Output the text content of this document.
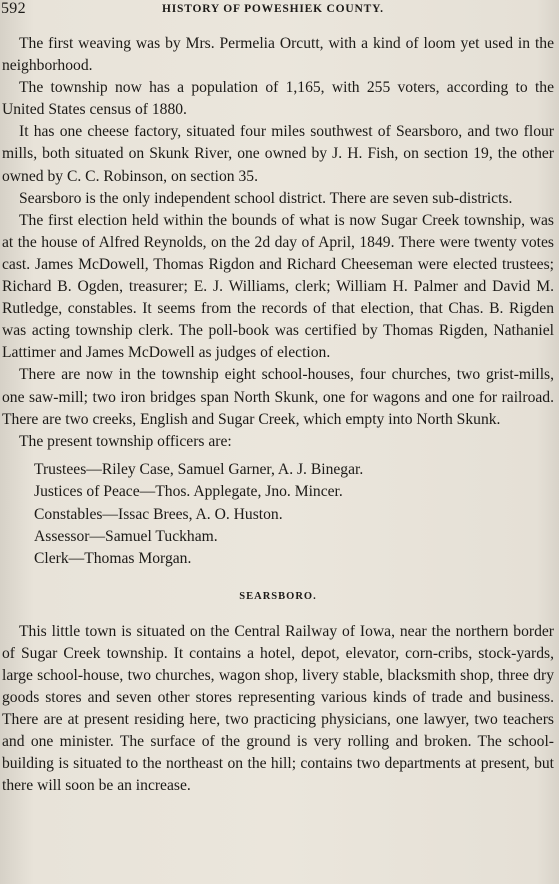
592	HISTORY OF POWESHIEK COUNTY.

The first weaving was by Mrs. Permelia Orcutt, with a kind of loom yet used in the neighborhood.

The township now has a population of 1,165, with 255 voters, according to the United States census of 1880.

It has one cheese factory, situated four miles southwest of Searsboro, and two flour mills, both situated on Skunk River, one owned by J. H. Fish, on section 19, the other owned by C. C. Robinson, on section 35.

Searsboro is the only independent school district. There are seven sub-districts.

The first election held within the bounds of what is now Sugar Creek township, was at the house of Alfred Reynolds, on the 2d day of April, 1849. There were twenty votes cast. James McDowell, Thomas Rigdon and Richard Cheeseman were elected trustees; Richard B. Ogden, treasurer; E. J. Williams, clerk; William H. Palmer and David M. Rutledge, constables. It seems from the records of that election, that Chas. B. Rigden was acting township clerk. The poll-book was certified by Thomas Rigden, Nathaniel Lattimer and James McDowell as judges of election.

There are now in the township eight school-houses, four churches, two grist-mills, one saw-mill; two iron bridges span North Skunk, one for wagons and one for railroad. There are two creeks, English and Sugar Creek, which empty into North Skunk.

The present township officers are:

Trustees—Riley Case, Samuel Garner, A. J. Binegar.
Justices of Peace—Thos. Applegate, Jno. Mincer.
Constables—Issac Brees, A. O. Huston.
Assessor—Samuel Tuckham.
Clerk—Thomas Morgan.
SEARSBORO.

This little town is situated on the Central Railway of Iowa, near the northern border of Sugar Creek township. It contains a hotel, depot, elevator, corn-cribs, stock-yards, large school-house, two churches, wagon shop, livery stable, blacksmith shop, three dry goods stores and seven other stores representing various kinds of trade and business. There are at present residing here, two practicing physicians, one lawyer, two teachers and one minister. The surface of the ground is very rolling and broken. The school-building is situated to the northeast on the hill; contains two departments at present, but there will soon be an increase.
